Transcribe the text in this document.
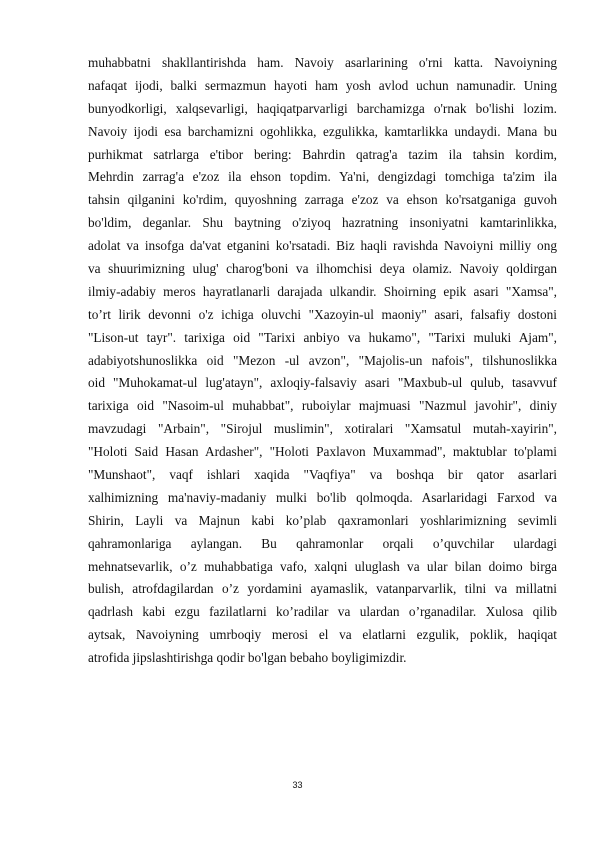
muhabbatni shakllantirishda ham. Navoiy asarlarining o'rni katta. Navoiyning
nafaqat ijodi, balki sermazmun hayoti ham yosh avlod uchun namunadir. Uning
bunyodkorligi, xalqsevarligi, haqiqatparvarligi barchamizga o'rnak bo'lishi lozim.
Navoiy ijodi esa barchamizni ogohlikka, ezgulikka, kamtarlikka undaydi. Mana bu
purhikmat satrlarga e'tibor bering: Bahrdin qatrag'a tazim ila tahsin kordim,
Mehrdin zarrag'a e'zoz ila ehson topdim. Ya'ni, dengizdagi tomchiga ta'zim ila
tahsin qilganini ko'rdim, quyoshning zarraga e'zoz va ehson ko'rsatganiga guvoh
bo'ldim, deganlar. Shu baytning o'ziyoq hazratning insoniyatni kamtarinlikka,
adolat va insofga da'vat etganini ko'rsatadi. Biz haqli ravishda Navoiyni milliy ong
va shuurimizning ulug' charog'boni va ilhomchisi deya olamiz. Navoiy qoldirgan
ilmiy-adabiy meros hayratlanarli darajada ulkandir. Shoirning epik asari "Xamsa",
to’rt lirik devonni o'z ichiga oluvchi "Xazoyin-ul maoniy" asari, falsafiy dostoni
"Lison-ut tayr". tarixiga oid "Tarixi anbiyo va hukamo", "Tarixi muluki Ajam",
adabiyotshunoslikka oid "Mezon -ul avzon", "Majolis-un nafois", tilshunoslikka
oid "Muhokamat-ul lug'atayn", axloqiy-falsaviy asari "Maxbub-ul qulub, tasavvuf
tarixiga oid "Nasoim-ul muhabbat", ruboiylar majmuasi "Nazmul javohir", diniy
mavzudagi "Arbain", "Sirojul muslimin", xotiralari "Xamsatul mutah-xayirin",
"Holoti Said Hasan Ardasher", "Holoti Paxlavon Muxammad", maktublar to'plami
"Munshaot", vaqf ishlari xaqida "Vaqfiya" va boshqa bir qator asarlari
xalhimizning ma'naviy-madaniy mulki bo'lib qolmoqda. Asarlaridagi Farxod va
Shirin, Layli va Majnun kabi ko’plab qaxramonlari yoshlarimizning sevimli
qahramonlariga aylangan. Bu qahramonlar orqali o’quvchilar ulardagi
mehnatsevarlik, o’z muhabbatiga vafo, xalqni uluglash va ular bilan doimo birga
bulish, atrofdagilardan o’z yordamini ayamaslik, vatanparvarlik, tilni va millatni
qadrlash kabi ezgu fazilatlarni ko’radilar va ulardan o’rganadilar. Xulosa qilib
aytsak, Navoiyning umrboqiy merosi el va elatlarni ezgulik, poklik, haqiqat
atrofida jipslashtirishga qodir bo'lgan bebaho boyligimizdir.
33
